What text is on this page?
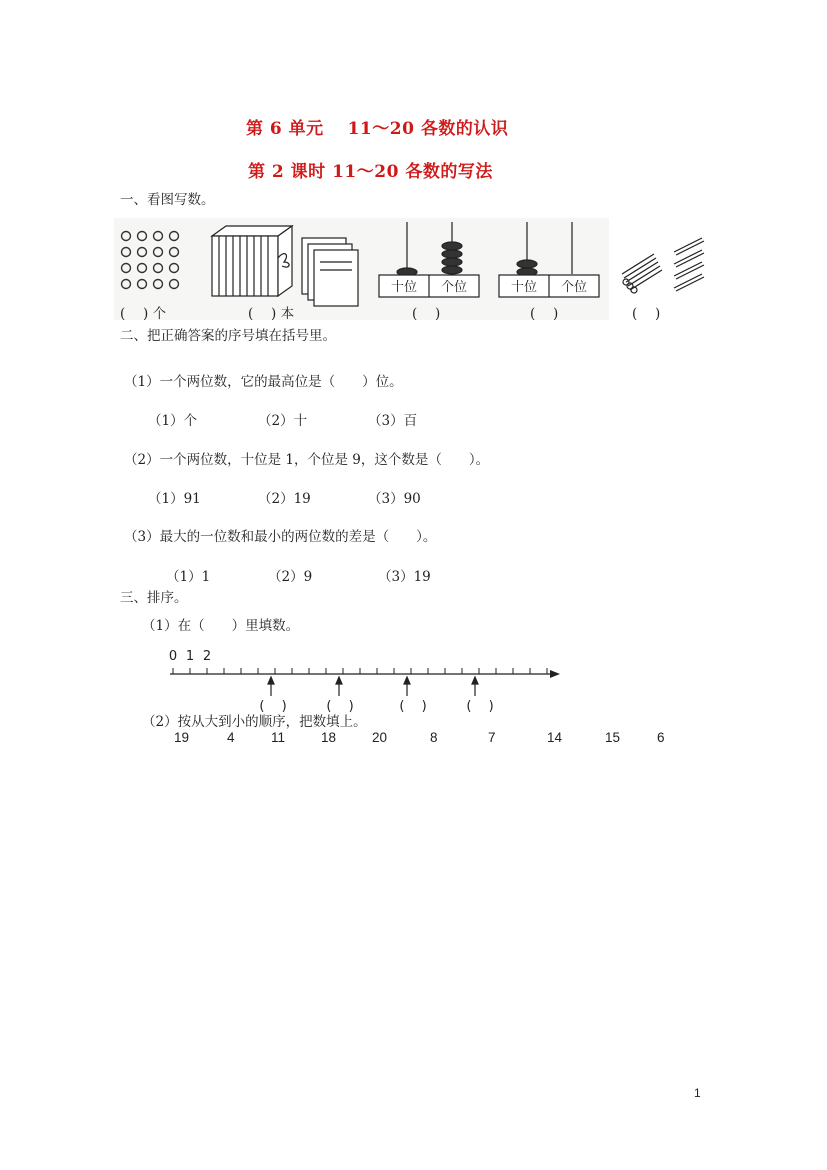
第 6 单元　 11～20 各数的认识
第 2 课时 11～20 各数的写法
一、看图写数。
十位 个位	十位 个位
(　 ) 个	(　 ) 本	(　 )	(　 )	(　 )
二、把正确答案的序号填在括号里。
（1）一个两位数，它的最高位是（　　）位。
（1）个	（2）十	（3）百
（2）一个两位数，十位是 1，个位是 9，这个数是（　　）。
（1）91	（2）19	（3）90
（3）最大的一位数和最小的两位数的差是（　　）。
（1）1	（2）9	（3）19
三、排序。
（1）在（　　）里填数。
0 1 2
(　 )	(　 )	(　 )	(　 )
（2）按从大到小的顺序，把数填上。
19	4	11	18	20	8	7	14	15	6
1
